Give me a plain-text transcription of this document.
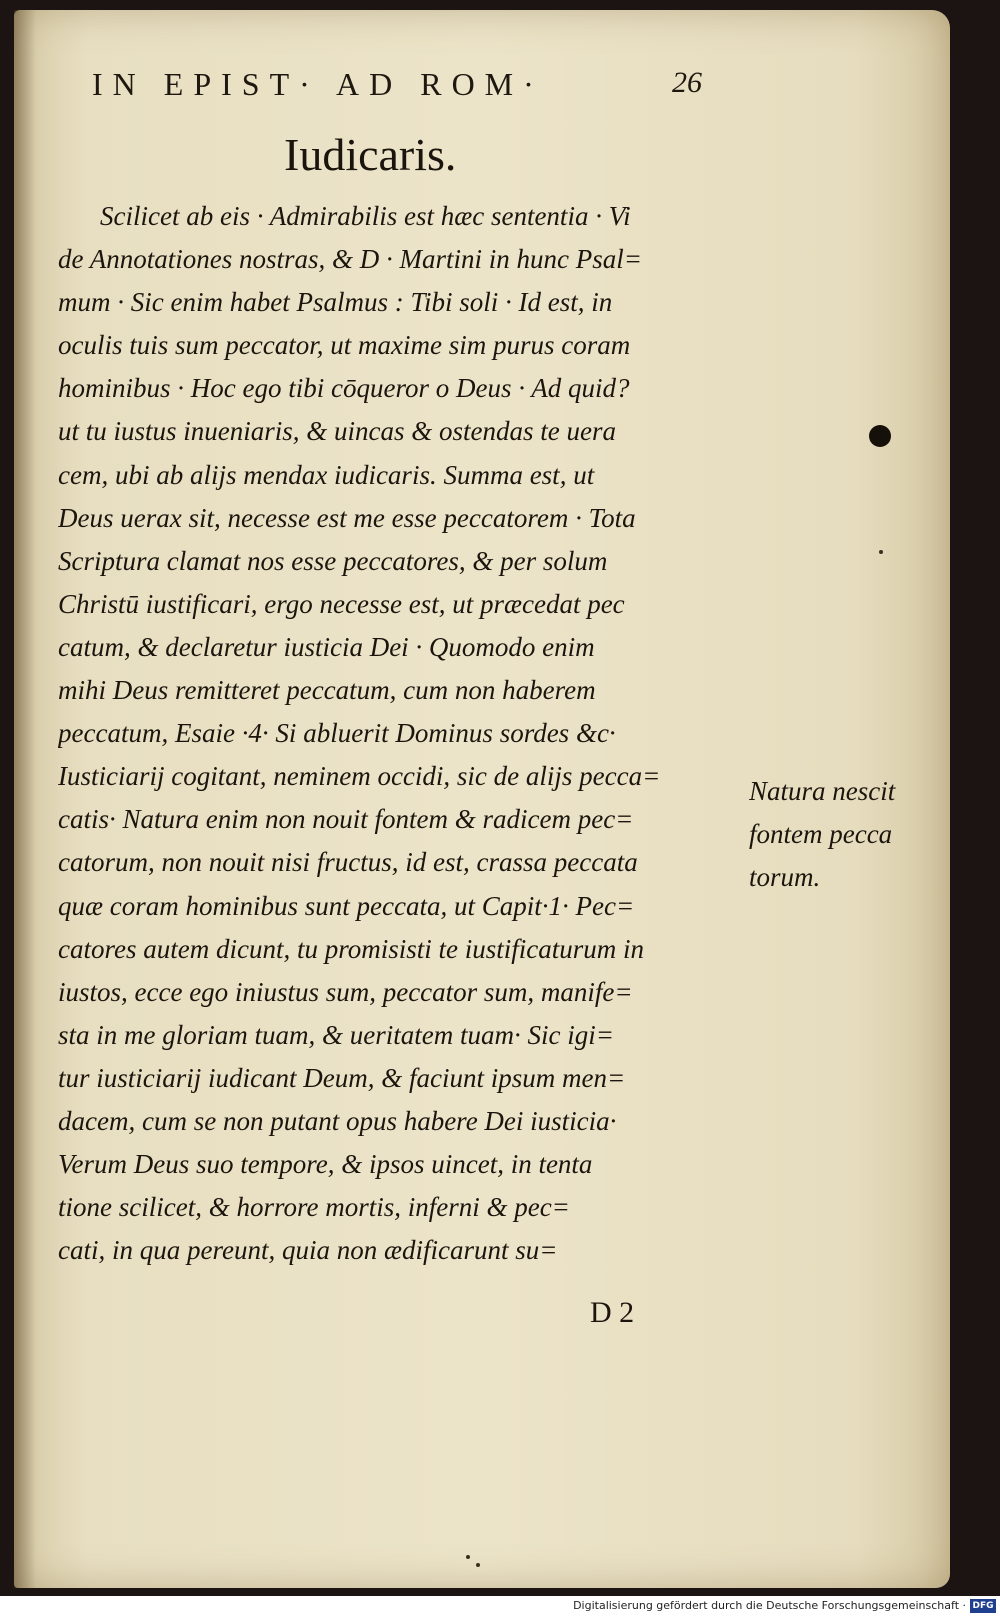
IN EPIST· AD ROM·	26
Iudicaris.
Scilicet ab eis · Admirabilis est hæc sententia · Vi
de Annotationes nostras, & D · Martini in hunc Psal=
mum · Sic enim habet Psalmus : Tibi soli · Id est, in
oculis tuis sum peccator, ut maxime sim purus coram
hominibus · Hoc ego tibi cōqueror o Deus · Ad quid?
ut tu iustus inueniaris, & uincas & ostendas te uera
cem, ubi ab alijs mendax iudicaris. Summa est, ut
Deus uerax sit, necesse est me esse peccatorem · Tota
Scriptura clamat nos esse peccatores, & per solum
Christū iustificari, ergo necesse est, ut præcedat pec
catum, & declaretur iusticia Dei · Quomodo enim
mihi Deus remitteret peccatum, cum non haberem
peccatum, Esaie ·4· Si abluerit Dominus sordes &c·
Iusticiarij cogitant, neminem occidi, sic de alijs pecca=
catis· Natura enim non nouit fontem & radicem pec=
catorum, non nouit nisi fructus, id est, crassa peccata
quæ coram hominibus sunt peccata, ut Capit·1· Pec=
catores autem dicunt, tu promisisti te iustificaturum in
iustos, ecce ego iniustus sum, peccator sum, manife=
sta in me gloriam tuam, & ueritatem tuam· Sic igi=
tur iusticiarij iudicant Deum, & faciunt ipsum men=
dacem, cum se non putant opus habere Dei iusticia·
Verum Deus suo tempore, & ipsos uincet, in tenta
tione scilicet, & horrore mortis, inferni & pec=
cati, in qua pereunt, quia non ædificarunt su=
Natura nescit
fontem pecca
torum.
D 2
Digitalisierung gefördert durch die Deutsche Forschungsgemeinschaft · DFG
